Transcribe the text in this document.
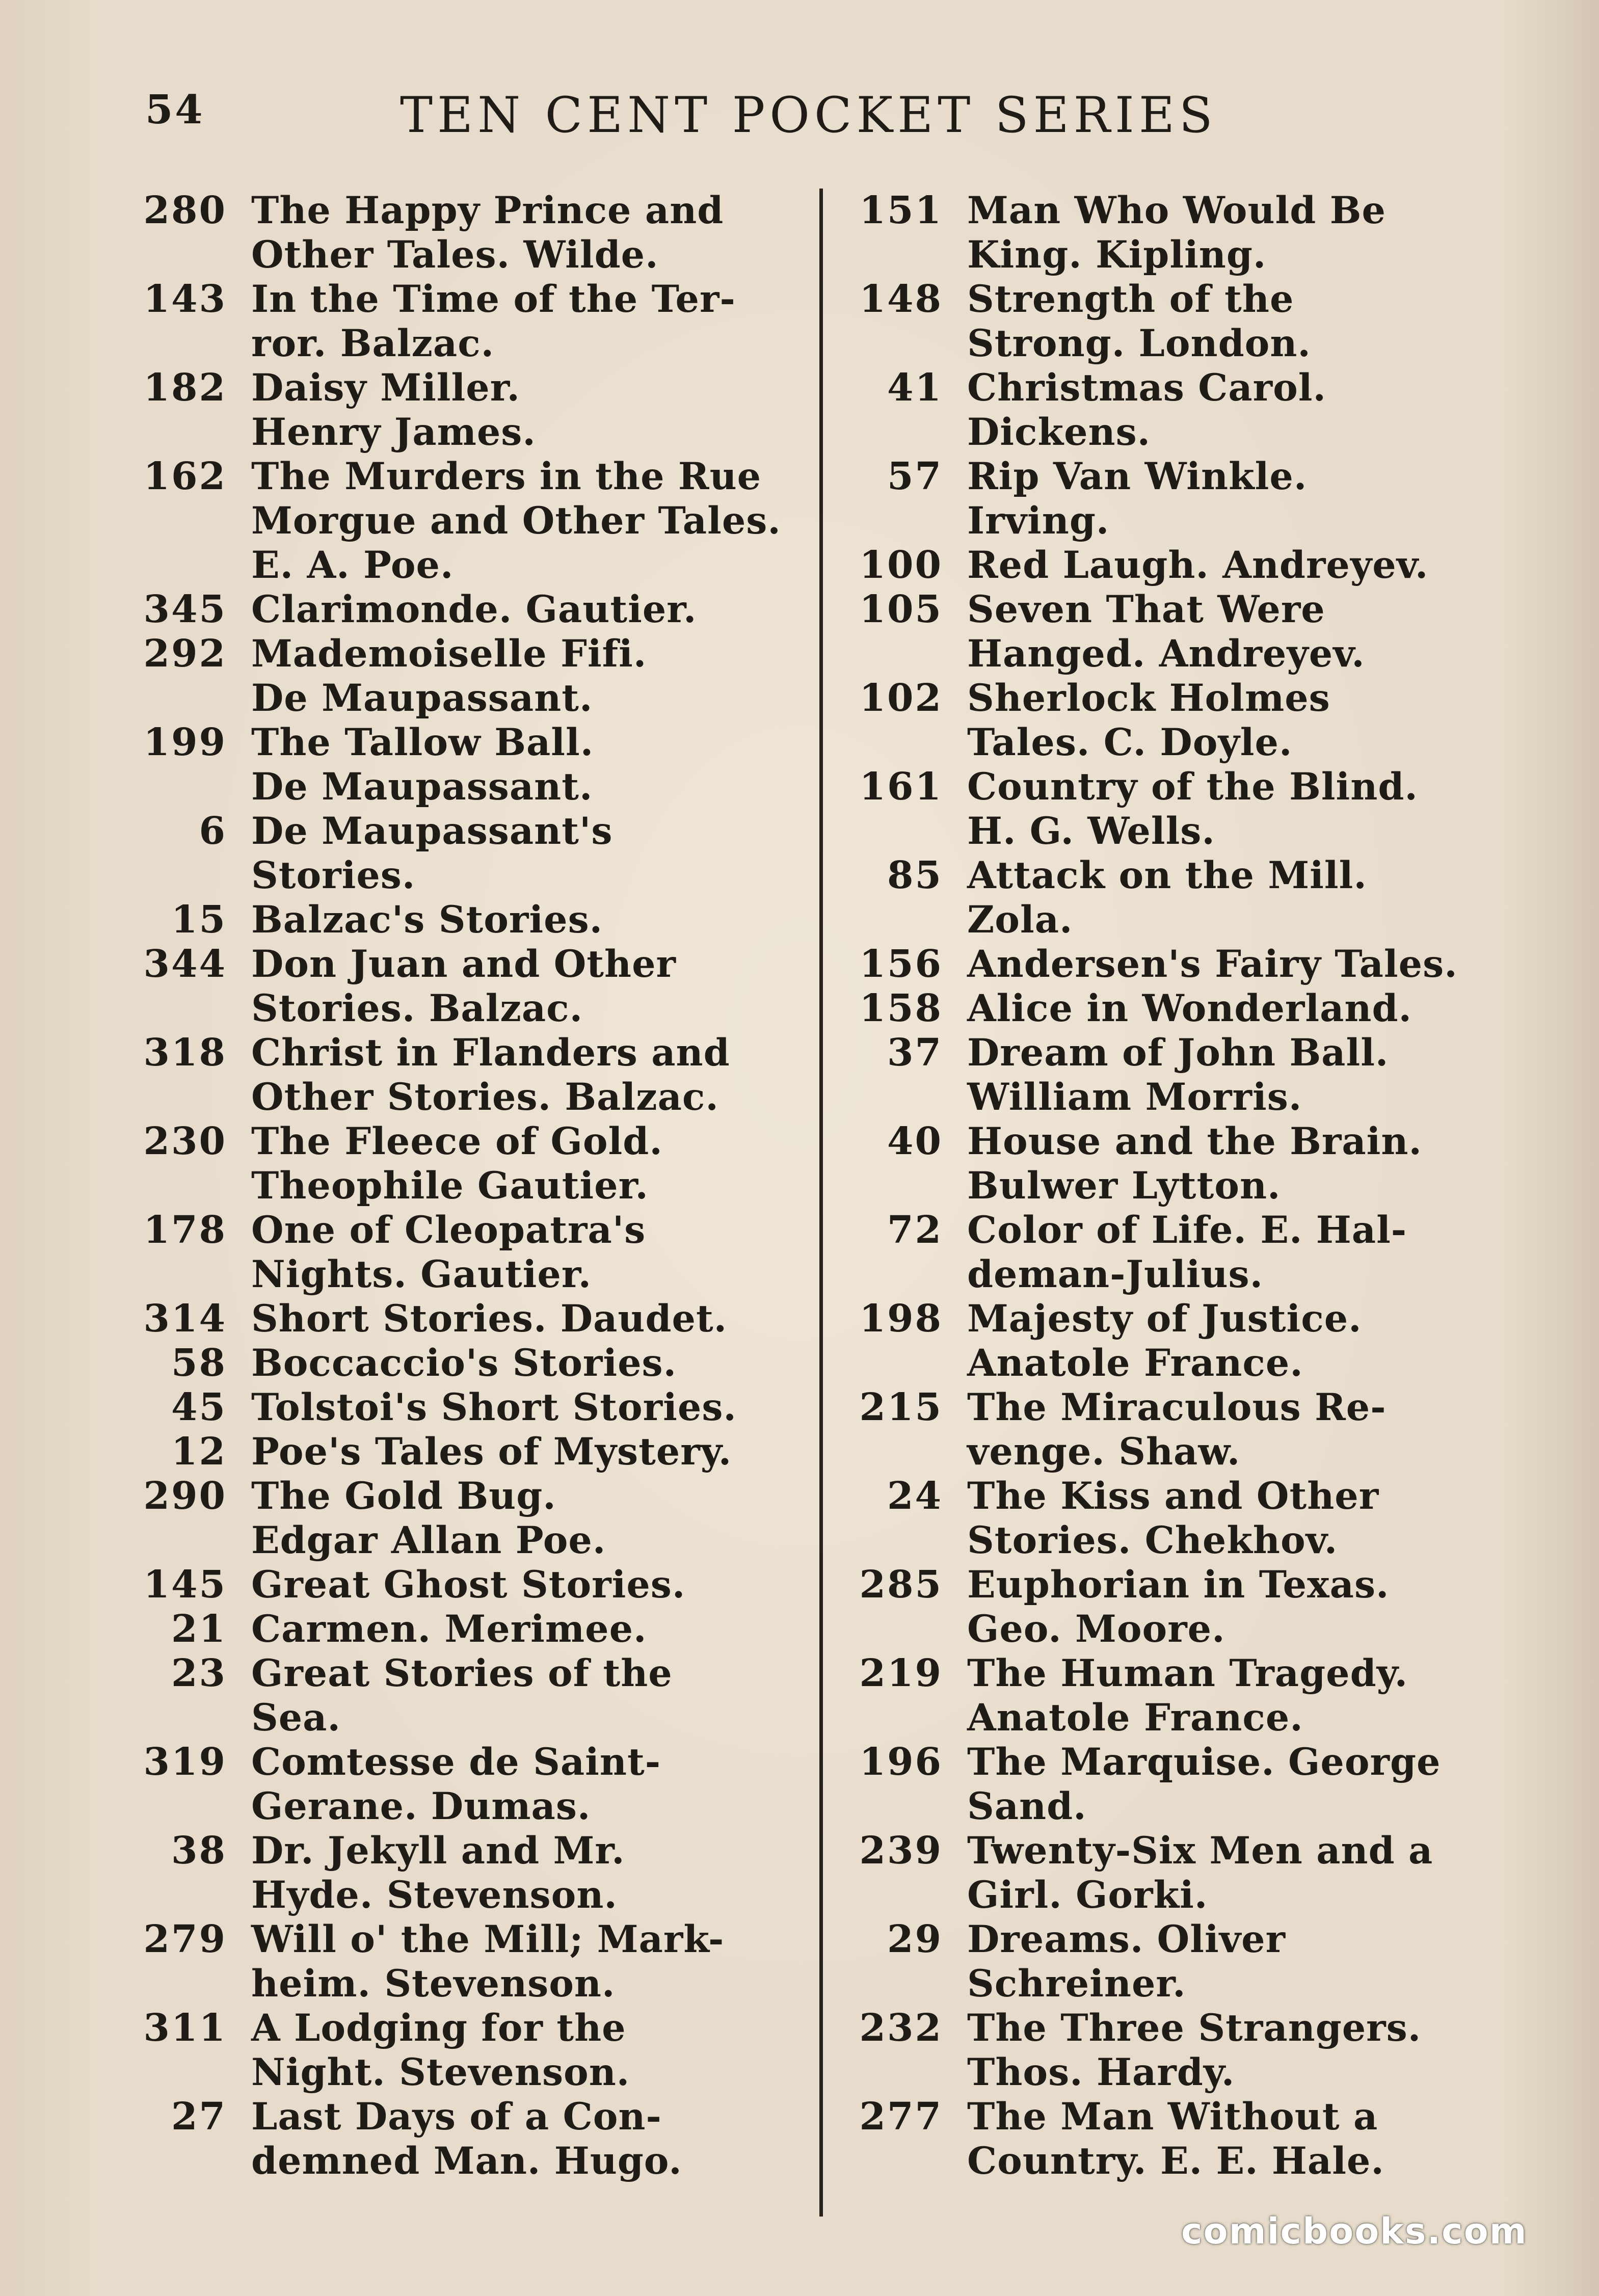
54	TEN CENT POCKET SERIES
280 The Happy Prince and
Other Tales. Wilde.
143 In the Time of the Ter-
ror. Balzac.
182 Daisy Miller.
Henry James.
162 The Murders in the Rue
Morgue and Other Tales.
E. A. Poe.
345 Clarimonde. Gautier.
292 Mademoiselle Fifi.
De Maupassant.
199 The Tallow Ball.
De Maupassant.
6 De Maupassant's
Stories.
15 Balzac's Stories.
344 Don Juan and Other
Stories. Balzac.
318 Christ in Flanders and
Other Stories. Balzac.
230 The Fleece of Gold.
Theophile Gautier.
178 One of Cleopatra's
Nights. Gautier.
314 Short Stories. Daudet.
58 Boccaccio's Stories.
45 Tolstoi's Short Stories.
12 Poe's Tales of Mystery.
290 The Gold Bug.
Edgar Allan Poe.
145 Great Ghost Stories.
21 Carmen. Merimee.
23 Great Stories of the
Sea.
319 Comtesse de Saint-
Gerane. Dumas.
38 Dr. Jekyll and Mr.
Hyde. Stevenson.
279 Will o' the Mill; Mark-
heim. Stevenson.
311 A Lodging for the
Night. Stevenson.
27 Last Days of a Con-
demned Man. Hugo.
151 Man Who Would Be
King. Kipling.
148 Strength of the
Strong. London.
41 Christmas Carol.
Dickens.
57 Rip Van Winkle.
Irving.
100 Red Laugh. Andreyev.
105 Seven That Were
Hanged. Andreyev.
102 Sherlock Holmes
Tales. C. Doyle.
161 Country of the Blind.
H. G. Wells.
85 Attack on the Mill.
Zola.
156 Andersen's Fairy Tales.
158 Alice in Wonderland.
37 Dream of John Ball.
William Morris.
40 House and the Brain.
Bulwer Lytton.
72 Color of Life. E. Hal-
deman-Julius.
198 Majesty of Justice.
Anatole France.
215 The Miraculous Re-
venge. Shaw.
24 The Kiss and Other
Stories. Chekhov.
285 Euphorian in Texas.
Geo. Moore.
219 The Human Tragedy.
Anatole France.
196 The Marquise. George
Sand.
239 Twenty-Six Men and a
Girl. Gorki.
29 Dreams. Oliver
Schreiner.
232 The Three Strangers.
Thos. Hardy.
277 The Man Without a
Country. E. E. Hale.
comicbooks.com
